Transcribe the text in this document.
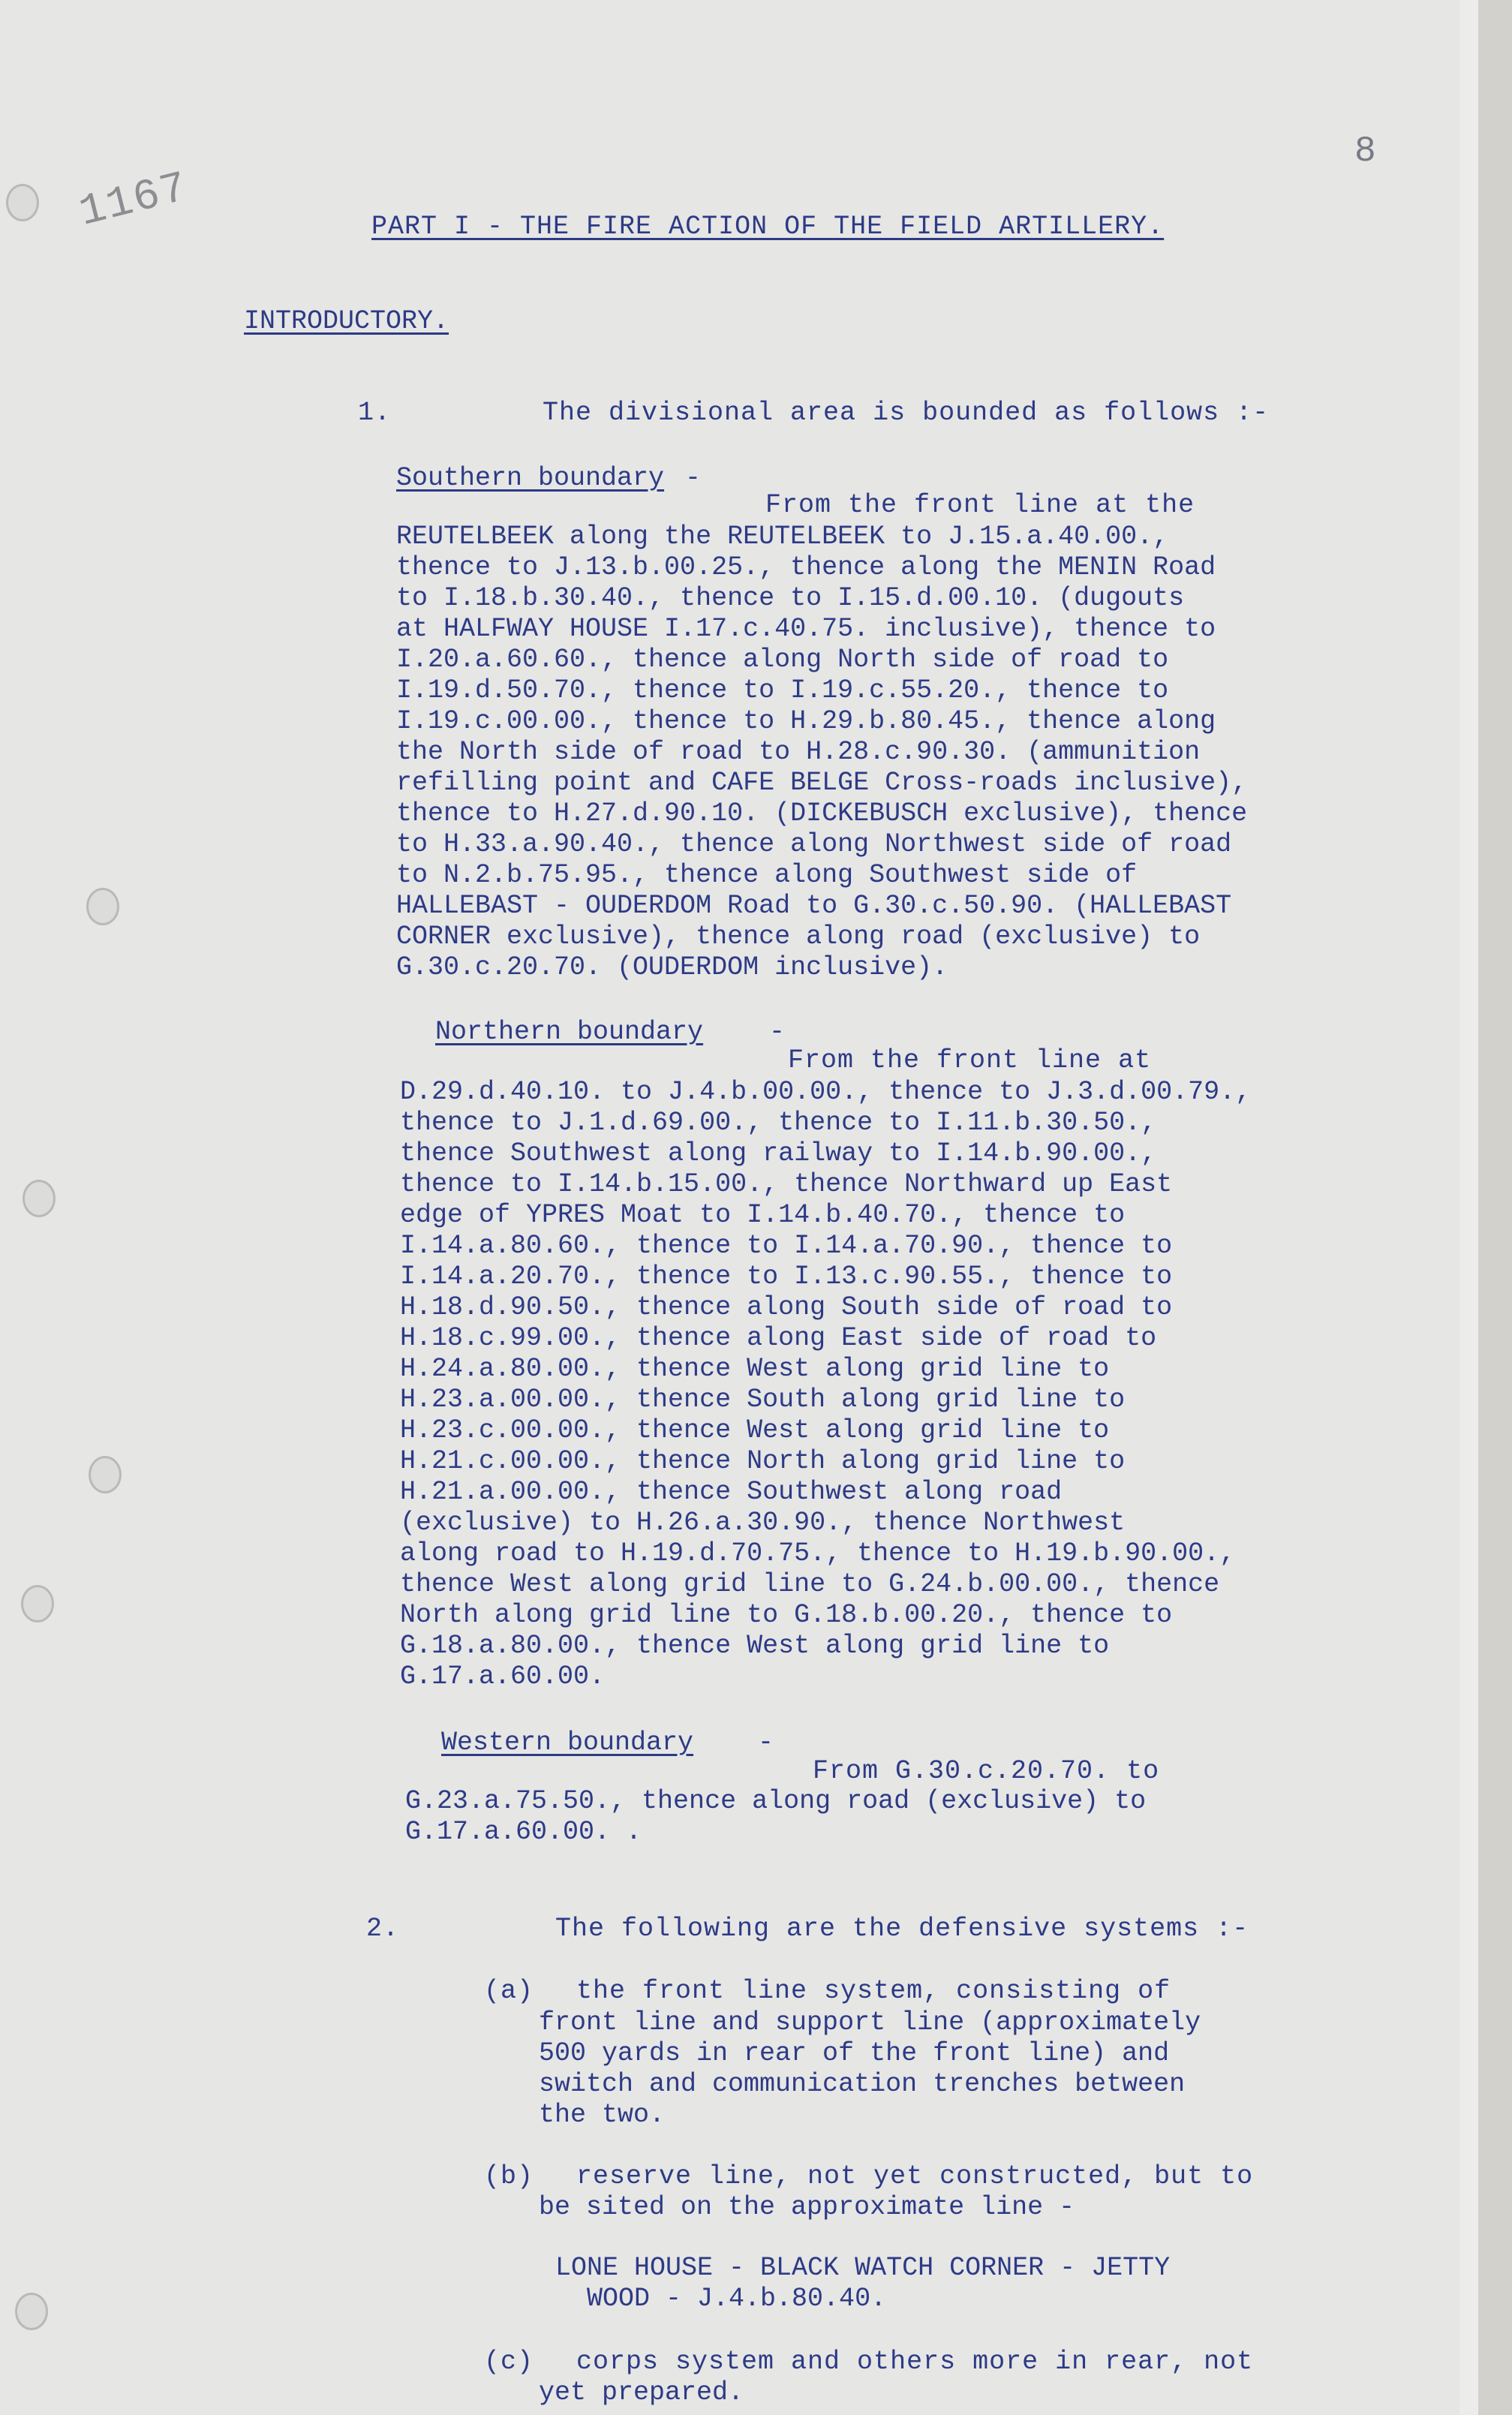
1167
8
PART I - THE FIRE ACTION OF THE FIELD ARTILLERY.
INTRODUCTORY.
1.	The divisional area is bounded as follows :-
Southern boundary -
From the front line at the
REUTELBEEK along the REUTELBEEK to J.15.a.40.00.,
thence to J.13.b.00.25., thence along the MENIN Road
to I.18.b.30.40., thence to I.15.d.00.10. (dugouts
at HALFWAY HOUSE I.17.c.40.75. inclusive), thence to
I.20.a.60.60., thence along North side of road to
I.19.d.50.70., thence to I.19.c.55.20., thence to
I.19.c.00.00., thence to H.29.b.80.45., thence along
the North side of road to H.28.c.90.30. (ammunition
refilling point and CAFE BELGE Cross-roads inclusive),
thence to H.27.d.90.10. (DICKEBUSCH exclusive), thence
to H.33.a.90.40., thence along Northwest side of road
to N.2.b.75.95., thence along Southwest side of
HALLEBAST - OUDERDOM Road to G.30.c.50.90. (HALLEBAST
CORNER exclusive), thence along road (exclusive) to
G.30.c.20.70. (OUDERDOM inclusive).
Northern boundary	-
From the front line at
D.29.d.40.10. to J.4.b.00.00., thence to J.3.d.00.79.,
thence to J.1.d.69.00., thence to I.11.b.30.50.,
thence Southwest along railway to I.14.b.90.00.,
thence to I.14.b.15.00., thence Northward up East
edge of YPRES Moat to I.14.b.40.70., thence to
I.14.a.80.60., thence to I.14.a.70.90., thence to
I.14.a.20.70., thence to I.13.c.90.55., thence to
H.18.d.90.50., thence along South side of road to
H.18.c.99.00., thence along East side of road to
H.24.a.80.00., thence West along grid line to
H.23.a.00.00., thence South along grid line to
H.23.c.00.00., thence West along grid line to
H.21.c.00.00., thence North along grid line to
H.21.a.00.00., thence Southwest along road
(exclusive) to H.26.a.30.90., thence Northwest
along road to H.19.d.70.75., thence to H.19.b.90.00.,
thence West along grid line to G.24.b.00.00., thence
North along grid line to G.18.b.00.20., thence to
G.18.a.80.00., thence West along grid line to
G.17.a.60.00.
Western boundary -
From G.30.c.20.70. to
G.23.a.75.50., thence along road (exclusive) to
G.17.a.60.00. .
2.	The following are the defensive systems :-
(a) the front line system, consisting of
front line and support line (approximately
500 yards in rear of the front line) and
switch and communication trenches between
the two.
(b) reserve line, not yet constructed, but to
be sited on the approximate line -
LONE HOUSE - BLACK WATCH CORNER - JETTY
WOOD - J.4.b.80.40.
(c) corps system and others more in rear, not
yet prepared.
